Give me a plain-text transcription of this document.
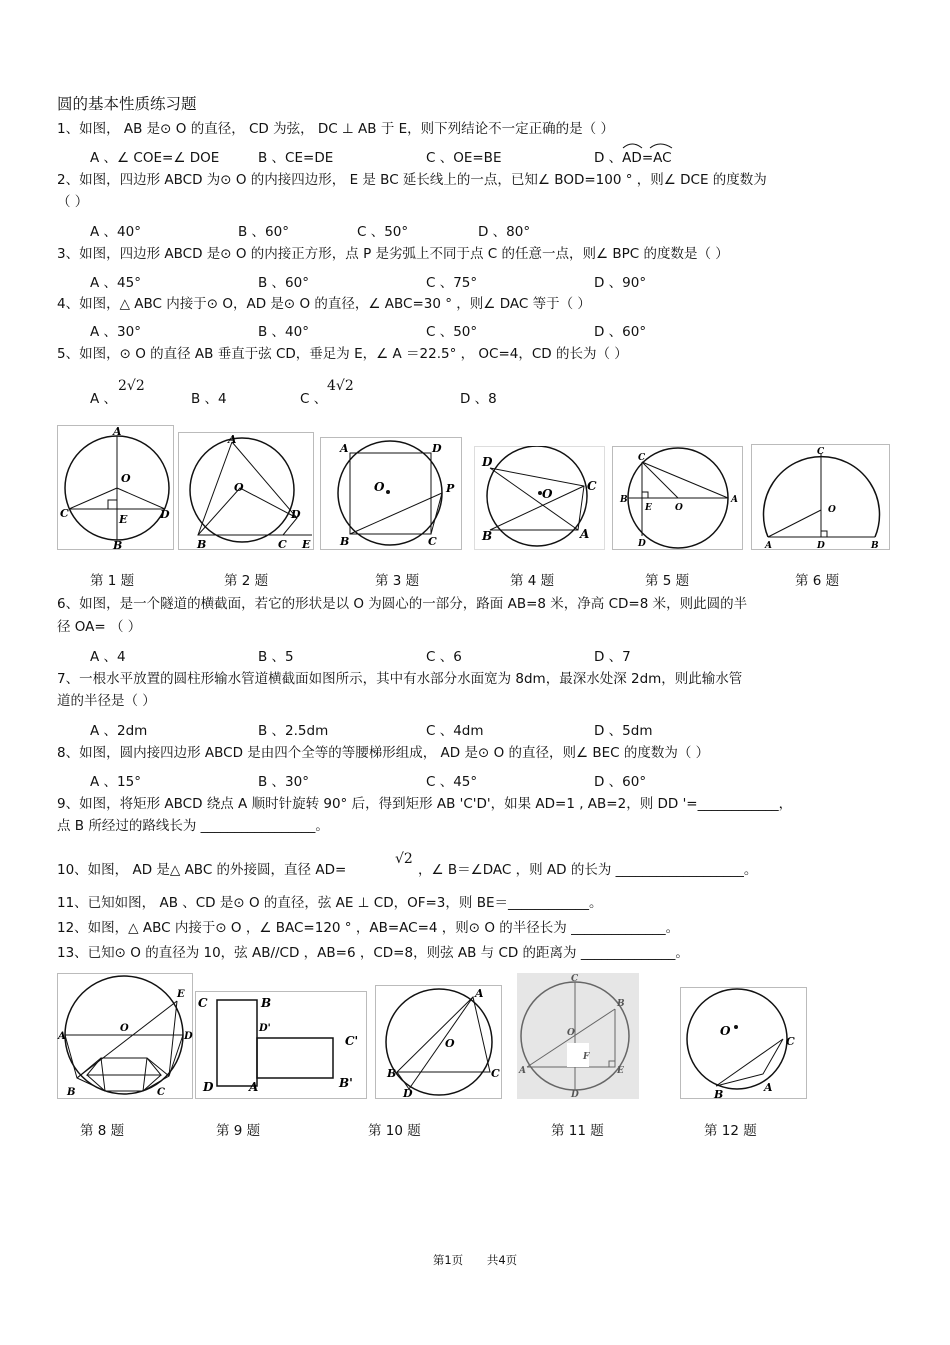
圆的基本性质练习题
1、如图， AB 是⊙ O 的直径， CD 为弦， DC ⊥ AB 于 E，则下列结论不一定正确的是（ ）
A 、∠ COE=∠ DOE	B 、CE=DE	C 、OE=BE	D 、AD=AC
2、如图，四边形 ABCD 为⊙ O 的内接四边形， E 是 BC 延长线上的一点，已知∠ BOD=100 ° ，则∠ DCE 的度数为
（ ）
A 、40°	B 、60°	C 、50°	D 、80°
3、如图，四边形 ABCD 是⊙ O 的内接正方形，点 P 是劣弧上不同于点 C 的任意一点，则∠ BPC 的度数是（ ）
A 、45°	B 、60°	C 、75°	D 、90°
4、如图，△ ABC 内接于⊙ O，AD 是⊙ O 的直径，∠ ABC=30 ° ，则∠ DAC 等于（ ）
A 、30°	B 、40°	C 、50°	D 、60°
5、如图，⊙ O 的直径 AB 垂直于弦 CD，垂足为 E，∠ A ＝22.5° ， OC=4，CD 的长为（ ）
A 、
2√2
B 、4	C 、
4√2
D 、8
A
O
C	E	D
B
A
O
D
B	C E
A	D
O	P
B	C
D
O
C
B	A
C
B
E	O
A
D
C
O
A	D	B
第 1 题	第 2 题	第 3 题	第 4 题	第 5 题	第 6 题
6、如图，是一个隧道的横截面，若它的形状是以 O 为圆心的一部分，路面 AB=8 米，净高 CD=8 米，则此圆的半
径 OA= （ ）
A 、4	B 、5	C 、6	D 、7
7、一根水平放置的圆柱形输水管道横截面如图所示，其中有水部分水面宽为 8dm，最深水处深 2dm，则此输水管
道的半径是（ ）
A 、2dm	B 、2.5dm	C 、4dm	D 、5dm
8、如图，圆内接四边形 ABCD 是由四个全等的等腰梯形组成， AD 是⊙ O 的直径，则∠ BEC 的度数为（ ）
A 、15°	B 、30°	C 、45°	D 、60°
9、如图，将矩形 ABCD 绕点 A 顺时针旋转 90° 后，得到矩形 AB 'C'D'，如果 AD=1 , AB=2，则 DD '=____________，
点 B 所经过的路线长为 _________________。
10、如图， AD 是△ ABC 的外接圆，直径 AD=
√2
，∠ B＝∠DAC ，则 AD 的长为 ___________________。
11、已知如图， AB 、CD 是⊙ O 的直径，弦 AE ⊥ CD，OF=3，则 BE＝____________。
12、如图，△ ABC 内接于⊙ O ，∠ BAC=120 ° ，AB=AC=4 ，则⊙ O 的半径长为 ______________。
13、已知⊙ O 的直径为 10，弦 AB//CD ，AB=6 ，CD=8，则弦 AB 与 CD 的距离为 ______________。
E
A
O
D
B	C
C	B
D'
C'
D	A	B'
A
O
B	C
D
C
B
O
F
A	E
D
O
C
B
A
第 8 题	第 9 题	第 10 题	第 11 题	第 12 题
第1页 共4页
